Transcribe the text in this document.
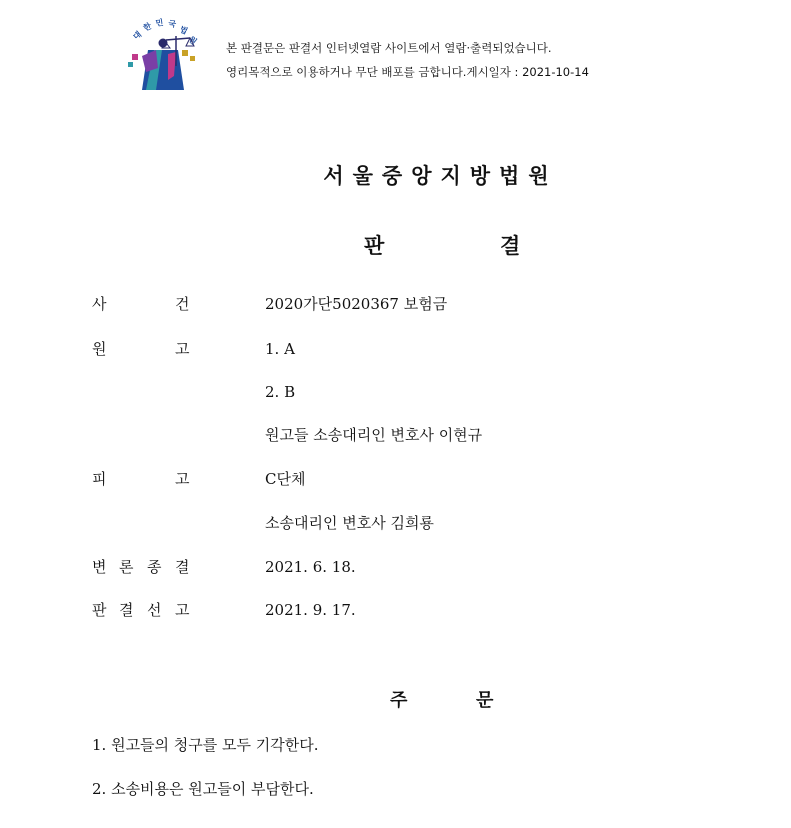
대
한 민 국
법
원
본 판결문은 판결서 인터넷열람 사이트에서 열람·출력되었습니다.
영리목적으로 이용하거나 무단 배포를 금합니다.게시일자 : 2021-10-14
서울중앙지방법원
판	결
사	건	2020가단5020367 보험금
원	고	1. A
2. B
원고들 소송대리인 변호사 이현규
피	고	C단체
소송대리인 변호사 김희룡
변 론 종 결	2021. 6. 18.
판 결 선 고	2021. 9. 17.
주	문
1. 원고들의 청구를 모두 기각한다.
2. 소송비용은 원고들이 부담한다.
